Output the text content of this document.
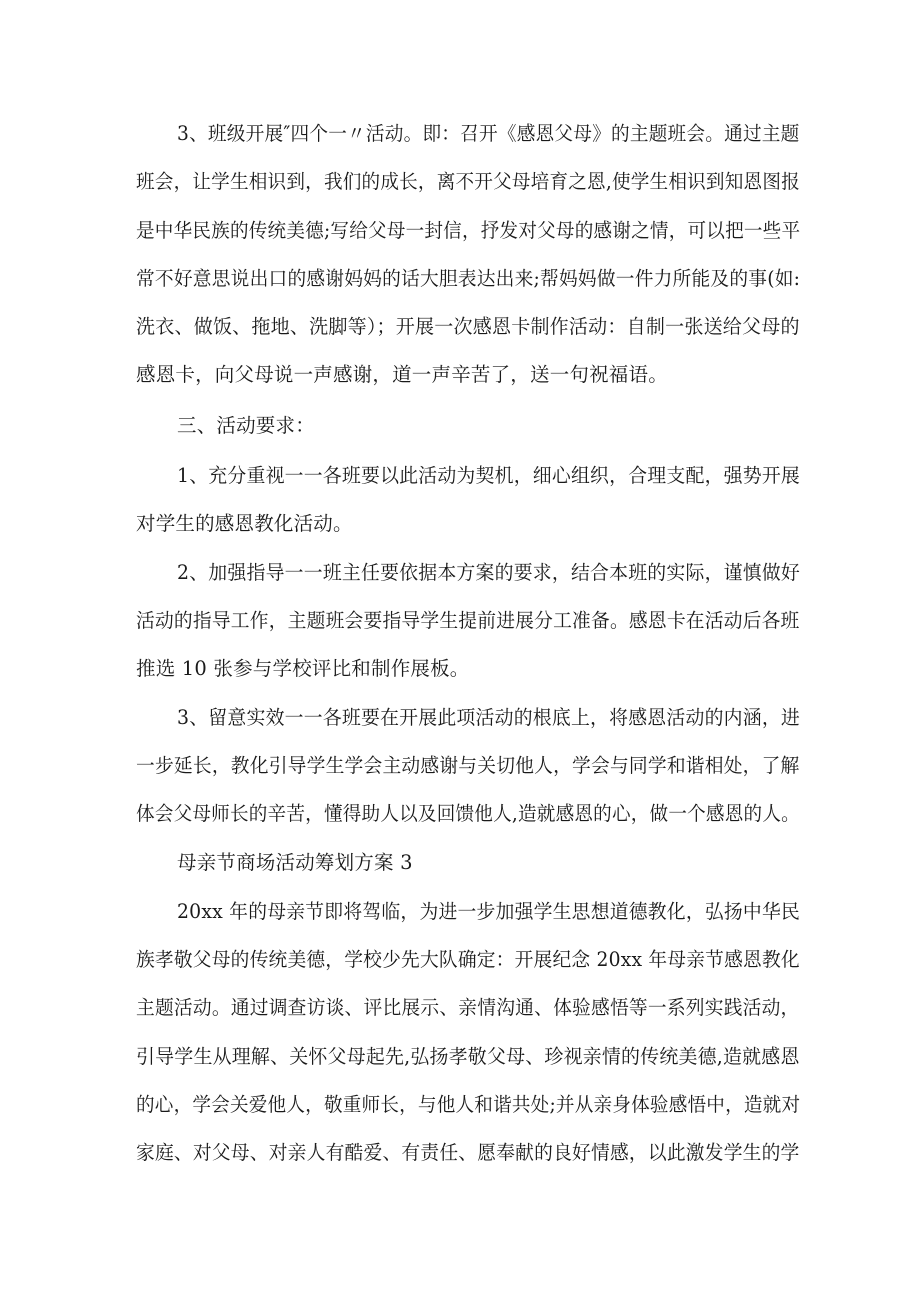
3、班级开展″四个一〃活动。即：召开《感恩父母》的主题班会。通过主题
班会，让学生相识到，我们的成长，离不开父母培育之恩,使学生相识到知恩图报
是中华民族的传统美德;写给父母一封信，抒发对父母的感谢之情，可以把一些平
常不好意思说出口的感谢妈妈的话大胆表达出来;帮妈妈做一件力所能及的事(如:
洗衣、做饭、拖地、洗脚等）；开展一次感恩卡制作活动：自制一张送给父母的
感恩卡，向父母说一声感谢，道一声辛苦了，送一句祝福语。
三、活动要求：
1、充分重视一一各班要以此活动为契机，细心组织，合理支配，强势开展
对学生的感恩教化活动。
2、加强指导一一班主任要依据本方案的要求，结合本班的实际，谨慎做好
活动的指导工作，主题班会要指导学生提前进展分工准备。感恩卡在活动后各班
推选 10 张参与学校评比和制作展板。
3、留意实效一一各班要在开展此项活动的根底上，将感恩活动的内涵，进
一步延长，教化引导学生学会主动感谢与关切他人，学会与同学和谐相处，了解
体会父母师长的辛苦，懂得助人以及回馈他人,造就感恩的心，做一个感恩的人。
母亲节商场活动筹划方案 3
20xx 年的母亲节即将驾临，为进一步加强学生思想道德教化，弘扬中华民
族孝敬父母的传统美德，学校少先大队确定：开展纪念 20xx 年母亲节感恩教化
主题活动。通过调查访谈、评比展示、亲情沟通、体验感悟等一系列实践活动，
引导学生从理解、关怀父母起先,弘扬孝敬父母、珍视亲情的传统美德,造就感恩
的心，学会关爱他人，敬重师长，与他人和谐共处;并从亲身体验感悟中，造就对
家庭、对父母、对亲人有酷爱、有责任、愿奉献的良好情感，以此激发学生的学
